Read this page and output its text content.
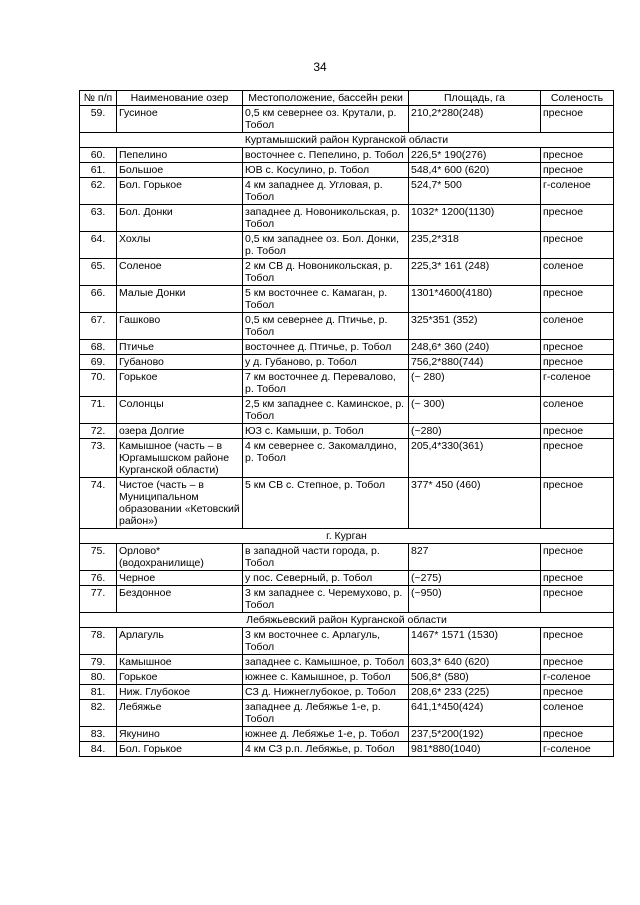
34
№ п/п	Наименование озер	Местоположение, бассейн реки	Площадь, га	Соленость
59.	Гусиное	0,5 км севернее оз. Крутали, р. Тобол	210,2*280(248)	пресное
Куртамышский район Курганской области				
60.	Пепелино	восточнее с. Пепелино, р. Тобол	226,5* 190(276)	пресное
61.	Большое	ЮВ с. Косулино, р. Тобол	548,4* 600 (620)	пресное
62.	Бол. Горькое	4 км западнее д. Угловая, р. Тобол	524,7* 500	г-соленое
63.	Бол. Донки	западнее д. Новоникольская, р. Тобол	1032* 1200(1130)	пресное
64.	Хохлы	0,5 км западнее оз. Бол. Донки, р. Тобол	235,2*318	пресное
65.	Соленое	2 км СВ д. Новоникольская, р. Тобол	225,3* 161 (248)	соленое
66.	Малые Донки	5 км восточнее с. Камаган, р. Тобол	1301*4600(4180)	пресное
67.	Гашково	0,5 км севернее д. Птичье, р. Тобол	325*351 (352)	соленое
68.	Птичье	восточнее д. Птичье, р. Тобол	248,6* 360 (240)	пресное
69.	Губаново	у д. Губаново, р. Тобол	756,2*880(744)	пресное
70.	Горькое	7 км восточнее д. Перевалово, р. Тобол	(~ 280)	г-соленое
71.	Солонцы	2,5 км западнее с. Каминское, р. Тобол	(~ 300)	соленое
72.	озера Долгие	ЮЗ с. Камыши, р. Тобол	(~280)	пресное
73.	Камышное (часть – в Юргамышском районе Курганской области)	4 км севернее с. Закомалдино, р. Тобол	205,4*330(361)	пресное
74.	Чистое (часть – в Муниципальном образовании «Кетовский район»)	5 км СВ с. Степное, р. Тобол	377* 450 (460)	пресное
г. Курган				
75.	Орлово* (водохранилище)	в западной части города, р. Тобол	827	пресное
76.	Черное	у пос. Северный, р. Тобол	(~275)	пресное
77.	Бездонное	3 км западнее с. Черемухово, р. Тобол	(~950)	пресное
Лебяжьевский район Курганской области				
78.	Арлагуль	3 км восточнее с. Арлагуль, Тобол	1467* 1571 (1530)	пресное
79.	Камышное	западнее с. Камышное, р. Тобол	603,3* 640 (620)	пресное
80.	Горькое	южнее с. Камышное, р. Тобол	506,8* (580)	г-соленое
81.	Ниж. Глубокое	СЗ д. Нижнеглубокое, р. Тобол	208,6* 233 (225)	пресное
82.	Лебяжье	западнее д. Лебяжье 1-е, р. Тобол	641,1*450(424)	соленое
83.	Якунино	южнее д. Лебяжье 1-е, р. Тобол	237,5*200(192)	пресное
84.	Бол. Горькое	4 км СЗ р.п. Лебяжье, р. Тобол	981*880(1040)	г-соленое
